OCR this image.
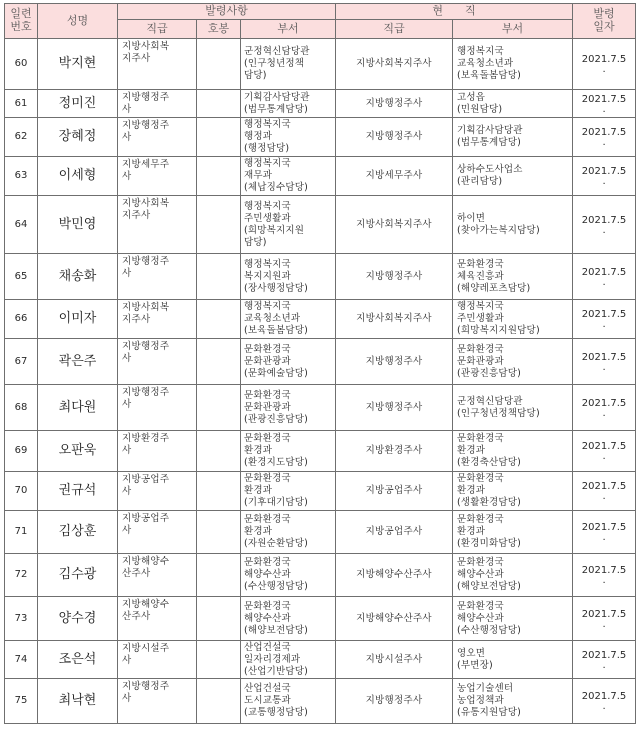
일련
번호	성명	발령사항			현　　직		발령
일자
		직급	호봉	부서	직급	부서	
60	박지현	지방사회복
지주사		군정혁신담당관
(인구청년정책
담당)	지방사회복지주사	행정복지국
교육청소년과
(보육돌봄담당)	2021.7.5
.

61	정미진	지방행정주
사		기획감사담당관
(법무통계담당)	지방행정주사	고성읍
(민원담당)	2021.7.5
.

62	장혜정	지방행정주
사		행정복지국
행정과
(행정담당)	지방행정주사	기획감사담당관
(법무통계담당)	2021.7.5
.

63	이세형	지방세무주
사		행정복지국
재무과
(체납징수담당)	지방세무주사	상하수도사업소
(관리담당)	2021.7.5
.

64	박민영	지방사회복
지주사		행정복지국
주민생활과
(희망복지지원
담당)	지방사회복지주사	하이면
(찾아가는복지담당)	2021.7.5
.

65	채송화	지방행정주
사		행정복지국
복지지원과
(장사행정담당)	지방행정주사	문화환경국
체육진흥과
(해양레포츠담당)	2021.7.5
.

66	이미자	지방사회복
지주사		행정복지국
교육청소년과
(보육돌봄담당)	지방사회복지주사	행정복지국
주민생활과
(희망복지지원담당)	2021.7.5
.

67	곽은주	지방행정주
사		문화환경국
문화관광과
(문화예술담당)	지방행정주사	문화환경국
문화관광과
(관광진흥담당)	2021.7.5
.

68	최다원	지방행정주
사		문화환경국
문화관광과
(관광진흥담당)	지방행정주사	군정혁신담당관
(인구청년정책담당)	2021.7.5
.

69	오판욱	지방환경주
사		문화환경국
환경과
(환경지도담당)	지방환경주사	문화환경국
환경과
(환경축산담당)	2021.7.5
.

70	권규석	지방공업주
사		문화환경국
환경과
(기후대기담당)	지방공업주사	문화환경국
환경과
(생활환경담당)	2021.7.5
.

71	김상훈	지방공업주
사		문화환경국
환경과
(자원순환담당)	지방공업주사	문화환경국
환경과
(환경미화담당)	2021.7.5
.

72	김수광	지방해양수
산주사		문화환경국
해양수산과
(수산행정담당)	지방해양수산주사	문화환경국
해양수산과
(해양보전담당)	2021.7.5
.

73	양수경	지방해양수
산주사		문화환경국
해양수산과
(해양보전담당)	지방해양수산주사	문화환경국
해양수산과
(수산행정담당)	2021.7.5
.

74	조은석	지방시설주
사		산업건설국
일자리경제과
(산업기반담당)	지방시설주사	영오면
(부면장)	2021.7.5
.

75	최낙현	지방행정주
사		산업건설국
도시교통과
(교통행정담당)	지방행정주사	농업기술센터
농업정책과
(유통지원담당)	2021.7.5
.
